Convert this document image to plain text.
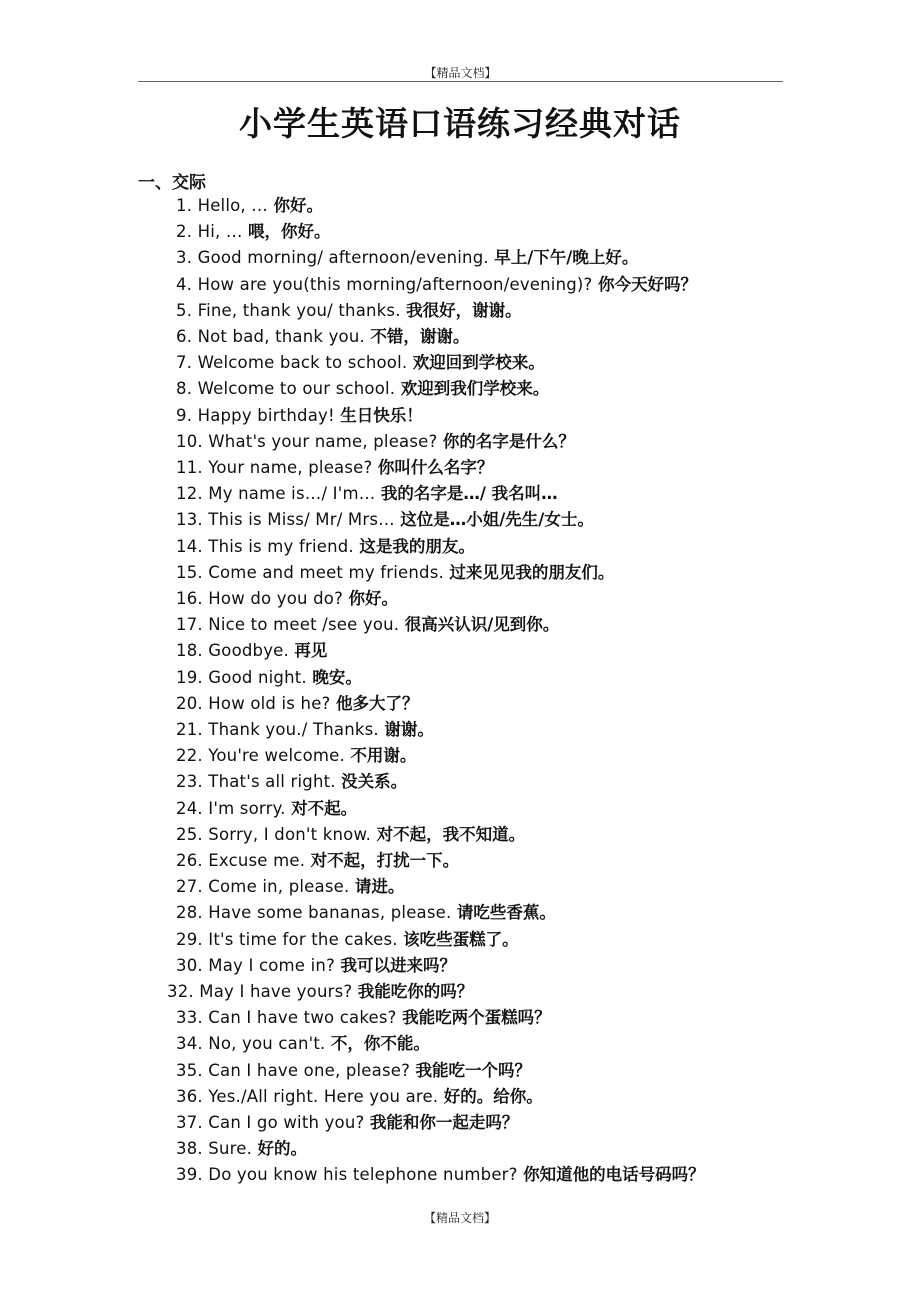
【精品文档】
小学生英语口语练习经典对话
一、交际
1. Hello, … 你好。
2. Hi, … 喂，你好。
3. Good morning/ afternoon/evening. 早上/下午/晚上好。
4. How are you(this morning/afternoon/evening)? 你今天好吗？
5. Fine, thank you/ thanks. 我很好，谢谢。
6. Not bad, thank you. 不错，谢谢。
7. Welcome back to school. 欢迎回到学校来。
8. Welcome to our school. 欢迎到我们学校来。
9. Happy birthday! 生日快乐！
10. What's your name, please? 你的名字是什么？
11. Your name, please? 你叫什么名字？
12. My name is…/ I'm… 我的名字是…/ 我名叫…
13. This is Miss/ Mr/ Mrs… 这位是…小姐/先生/女士。
14. This is my friend. 这是我的朋友。
15. Come and meet my friends. 过来见见我的朋友们。
16. How do you do? 你好。
17. Nice to meet /see you. 很高兴认识/见到你。
18. Goodbye. 再见
19. Good night. 晚安。
20. How old is he? 他多大了？
21. Thank you./ Thanks. 谢谢。
22. You're welcome. 不用谢。
23. That's all right. 没关系。
24. I'm sorry. 对不起。
25. Sorry, I don't know. 对不起，我不知道。
26. Excuse me. 对不起，打扰一下。
27. Come in, please. 请进。
28. Have some bananas, please. 请吃些香蕉。
29. It's time for the cakes. 该吃些蛋糕了。
30. May I come in? 我可以进来吗？
32. May I have yours? 我能吃你的吗？
33. Can I have two cakes? 我能吃两个蛋糕吗？
34. No, you can't. 不，你不能。
35. Can I have one, please? 我能吃一个吗？
36. Yes./All right. Here you are. 好的。给你。
37. Can I go with you? 我能和你一起走吗？
38. Sure. 好的。
39. Do you know his telephone number? 你知道他的电话号码吗？
【精品文档】
